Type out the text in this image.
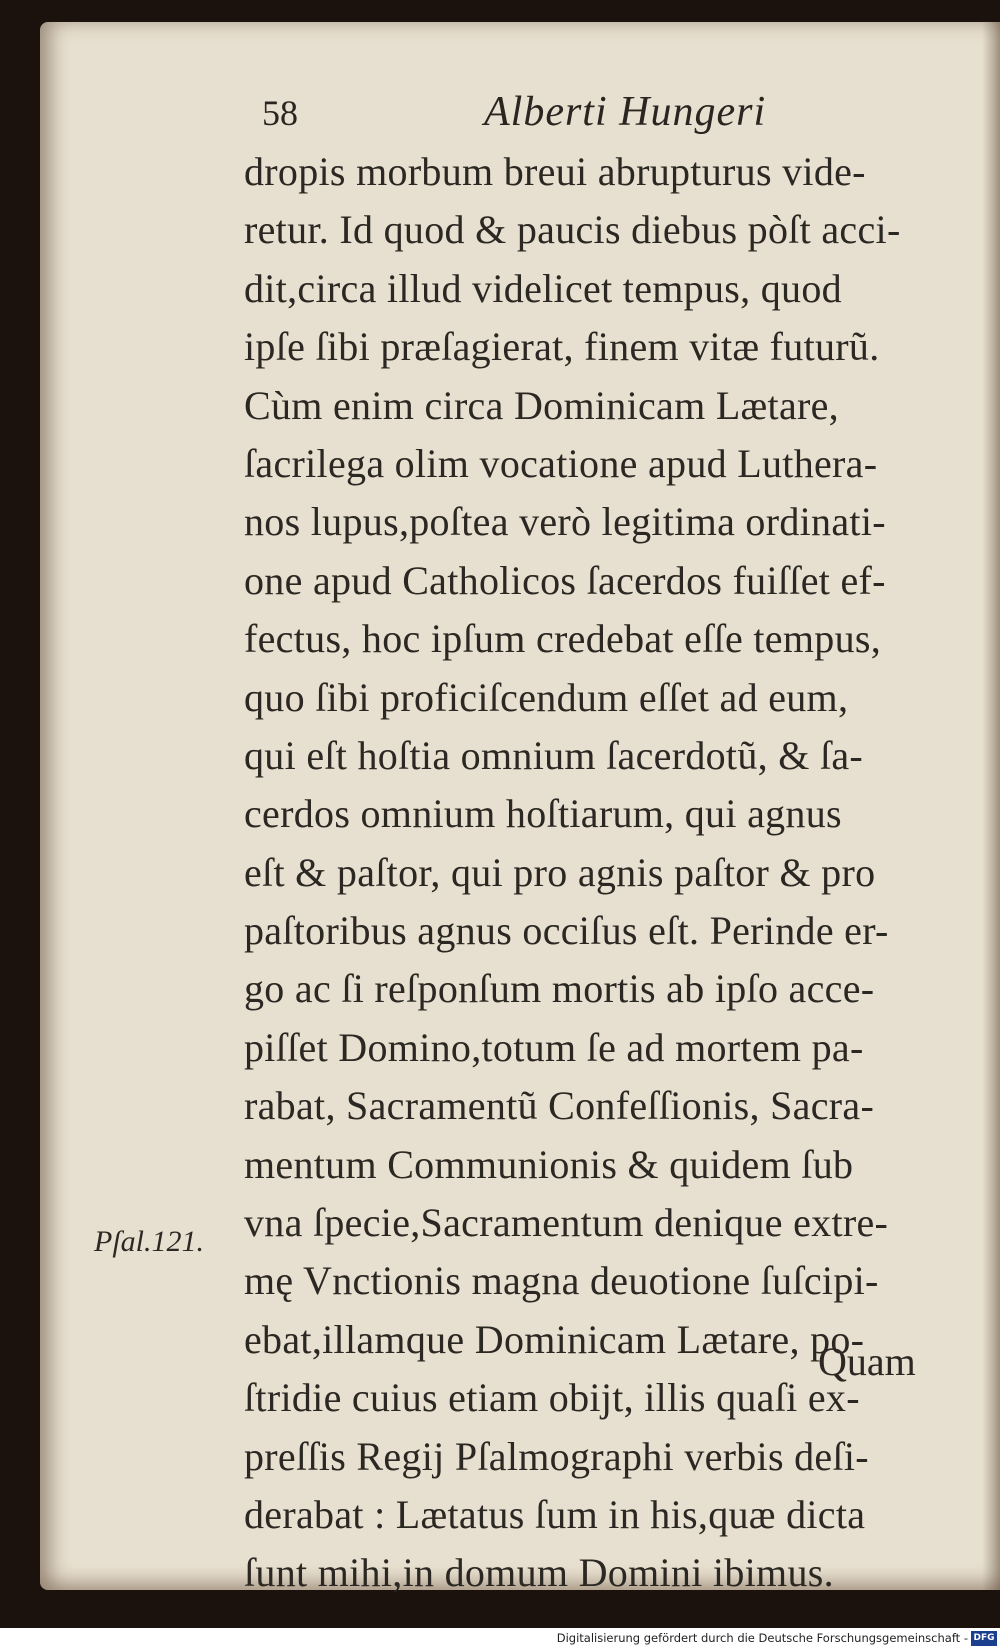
58	Alberti Hungeri
dropis morbum breui abrupturus vide-
retur. Id quod & paucis diebus pòſt acci-
dit,circa illud videlicet tempus, quod
ipſe ſibi præſagierat, finem vitæ futurũ.
Cùm enim circa Dominicam Lætare,
ſacrilega olim vocatione apud Luthera-
nos lupus,poſtea verò legitima ordinati-
one apud Catholicos ſacerdos fuiſſet ef-
fectus, hoc ipſum credebat eſſe tempus,
quo ſibi proficiſcendum eſſet ad eum,
qui eſt hoſtia omnium ſacerdotũ, & ſa-
cerdos omnium hoſtiarum, qui agnus
eſt & paſtor, qui pro agnis paſtor & pro
paſtoribus agnus occiſus eſt. Perinde er-
go ac ſi reſponſum mortis ab ipſo acce-
piſſet Domino,totum ſe ad mortem pa-
rabat, Sacramentũ Confeſſionis, Sacra-
mentum Communionis & quidem ſub
vna ſpecie,Sacramentum denique extre-
mę Vnctionis magna deuotione ſuſcipi-
ebat,illamque Dominicam Lætare, po-
ſtridie cuius etiam obijt, illis quaſi ex-
preſſis Regij Pſalmographi verbis deſi-
derabat : Lætatus ſum in his,quæ dicta
ſunt mihi,in domum Domini ibimus.
Pſal.121.
Quam
Digitalisierung gefördert durch die Deutsche Forschungsgemeinschaft - DFG
